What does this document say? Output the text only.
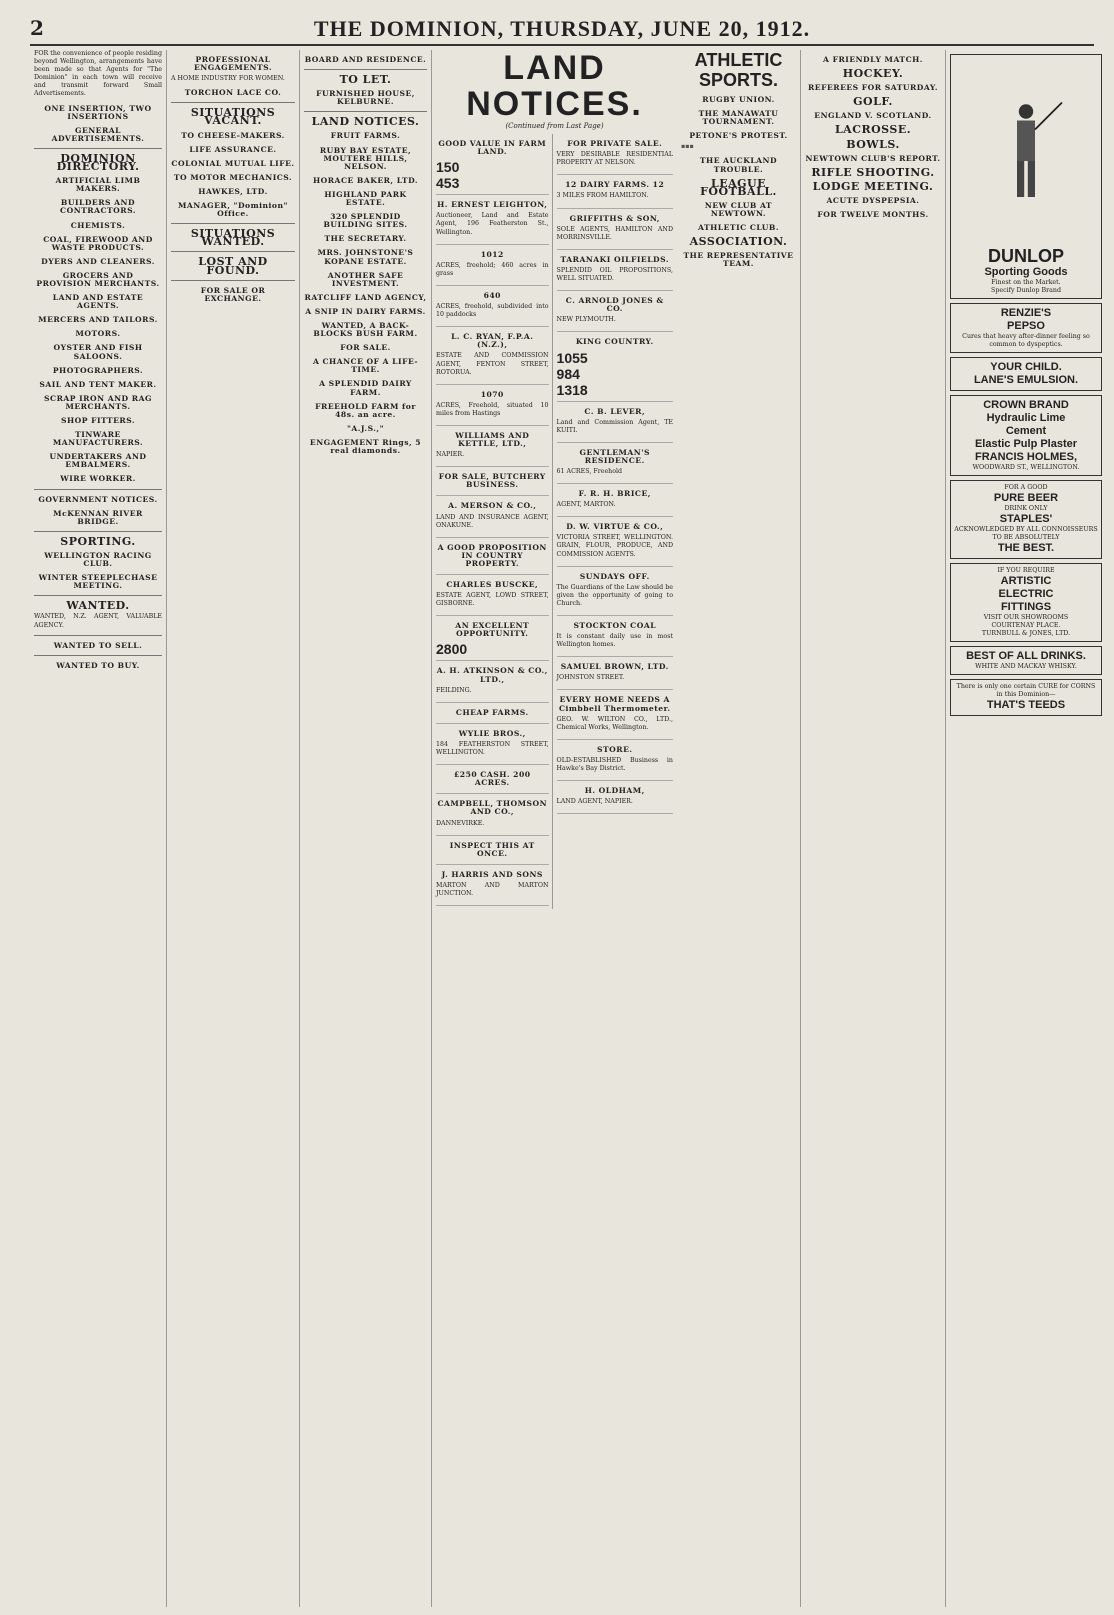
2	THE DOMINION, THURSDAY, JUNE 20, 1912.
FOR the convenience of people residing beyond Wellington, arrangements have been made so that Agents for "The Dominion" in each town will receive and transmit forward Small Advertisements.
ONE INSERTION, TWO INSERTIONS
GENERAL ADVERTISEMENTS.
DOMINION DIRECTORY.
ARTIFICIAL LIMB MAKERS.
BUILDERS AND CONTRACTORS.
CHEMISTS.
COAL, FIREWOOD AND WASTE PRODUCTS.
DYERS AND CLEANERS.
GROCERS AND PROVISION MERCHANTS.
LAND AND ESTATE AGENTS.
MERCERS AND TAILORS.
MOTORS.
OYSTER AND FISH SALOONS.
PHOTOGRAPHERS.
SAIL AND TENT MAKER.
SCRAP IRON AND RAG MERCHANTS.
SHOP FITTERS.
TINWARE MANUFACTURERS.
UNDERTAKERS AND EMBALMERS.
WIRE WORKER.
GOVERNMENT NOTICES.
McKENNAN RIVER BRIDGE.
SPORTING.
WELLINGTON RACING CLUB.
WINTER STEEPLECHASE MEETING.
WANTED.
WANTED, N.Z. AGENT, VALUABLE AGENCY.
WANTED TO SELL.
WANTED TO BUY.
PROFESSIONAL ENGAGEMENTS.
A HOME INDUSTRY FOR WOMEN.
TORCHON LACE CO.
SITUATIONS VACANT.
TO CHEESE-MAKERS.
LIFE ASSURANCE.
COLONIAL MUTUAL LIFE.
TO MOTOR MECHANICS.
HAWKES, LTD.
MANAGER, "Dominion" Office.
SITUATIONS WANTED.
LOST AND FOUND.
FOR SALE OR EXCHANGE.
BOARD AND RESIDENCE.
TO LET.
FURNISHED HOUSE, KELBURNE.
LAND NOTICES.
FRUIT FARMS.
RUBY BAY ESTATE, MOUTERE HILLS, NELSON.
HORACE BAKER, LTD.
HIGHLAND PARK ESTATE.
320 SPLENDID BUILDING SITES.
THE SECRETARY.
MRS. JOHNSTONE'S KOPANE ESTATE.
ANOTHER SAFE INVESTMENT.
RATCLIFF LAND AGENCY,
A SNIP IN DAIRY FARMS.
WANTED, A BACK-BLOCKS BUSH FARM.
FOR SALE.
A CHANCE OF A LIFE-TIME.
A SPLENDID DAIRY FARM.
FREEHOLD FARM for 48s. an acre.
"A.J.S.,"
ENGAGEMENT Rings, 5 real diamonds.
LAND NOTICES.
(Continued from Last Page)
GOOD VALUE IN FARM LAND.
150
453
H. ERNEST LEIGHTON,
Auctioneer, Land and Estate Agent, 196 Featherston St., Wellington.
1012
ACRES, freehold; 460 acres in grass
640
ACRES, freehold, subdivided into 10 paddocks
L. C. RYAN, F.P.A. (N.Z.),
ESTATE AND COMMISSION AGENT, FENTON STREET, ROTORUA.
1070
ACRES, Freehold, situated 10 miles from Hastings
WILLIAMS AND KETTLE, LTD.,
NAPIER.
FOR SALE, BUTCHERY BUSINESS.
A. MERSON & CO.,
LAND AND INSURANCE AGENT, ONAKUNE.
A GOOD PROPOSITION IN COUNTRY PROPERTY.
CHARLES BUSCKE,
ESTATE AGENT, LOWD STREET, GISBORNE.
AN EXCELLENT OPPORTUNITY.
2800
A. H. ATKINSON & CO., LTD.,
FEILDING.
CHEAP FARMS.
WYLIE BROS.,
184 FEATHERSTON STREET, WELLINGTON.
£250 CASH. 200 ACRES.
CAMPBELL, THOMSON AND CO.,
DANNEVIRKE.
INSPECT THIS AT ONCE.
J. HARRIS AND SONS
MARTON AND MARTON JUNCTION.
FOR PRIVATE SALE.
VERY DESIRABLE RESIDENTIAL PROPERTY AT NELSON.
12 DAIRY FARMS. 12
3 MILES FROM HAMILTON.
GRIFFITHS & SON,
SOLE AGENTS, HAMILTON AND MORRINSVILLE.
TARANAKI OILFIELDS.
SPLENDID OIL PROPOSITIONS, WELL SITUATED.
C. ARNOLD JONES & CO.
NEW PLYMOUTH.
KING COUNTRY.
1055
984
1318
C. B. LEVER,
Land and Commission Agent, TE KUITI.
GENTLEMAN'S RESIDENCE.
61 ACRES, Freehold
F. R. H. BRICE,
AGENT, MARTON.
D. W. VIRTUE & CO.,
VICTORIA STREET, WELLINGTON. GRAIN, FLOUR, PRODUCE, AND COMMISSION AGENTS.
SUNDAYS OFF.
The Guardians of the Law should be given the opportunity of going to Church.
STOCKTON COAL
It is constant daily use in most Wellington homes.
SAMUEL BROWN, LTD.
JOHNSTON STREET.
EVERY HOME NEEDS A Cimbbell Thermometer.
GEO. W. WILTON CO., LTD., Chemical Works, Wellington.
STORE.
OLD-ESTABLISHED Business in Hawke's Bay District.
H. OLDHAM,
LAND AGENT, NAPIER.
ATHLETIC SPORTS.
RUGBY UNION.
THE MANAWATU TOURNAMENT.
PETONE'S PROTEST.
▪▪▪
THE AUCKLAND TROUBLE.
LEAGUE FOOTBALL.
NEW CLUB AT NEWTOWN.
ATHLETIC CLUB.
ASSOCIATION.
THE REPRESENTATIVE TEAM.
A FRIENDLY MATCH.
HOCKEY.
REFEREES FOR SATURDAY.
GOLF.
ENGLAND V. SCOTLAND.
LACROSSE.
BOWLS.
NEWTOWN CLUB'S REPORT.
RIFLE SHOOTING.
LODGE MEETING.
ACUTE DYSPEPSIA.
FOR TWELVE MONTHS.
DUNLOP
Sporting Goods
Finest on the Market.
Specify Dunlop Brand
RENZIE'S
PEPSO
Cures that heavy after-dinner feeling so common to dyspeptics.
YOUR CHILD.
LANE'S EMULSION.
CROWN BRAND
Hydraulic Lime
Cement
Elastic Pulp Plaster
FRANCIS HOLMES,
WOODWARD ST., WELLINGTON.
FOR A GOOD
PURE BEER
DRINK ONLY
STAPLES'
ACKNOWLEDGED BY ALL CONNOISSEURS TO BE ABSOLUTELY
THE BEST.
IF YOU REQUIRE
ARTISTIC
ELECTRIC
FITTINGS
VISIT OUR SHOWROOMS
COURTENAY PLACE.
TURNBULL & JONES, LTD.
BEST OF ALL DRINKS.
WHITE AND MACKAY WHISKY.
There is only one certain CURE for CORNS in this Dominion—
THAT'S TEEDS
